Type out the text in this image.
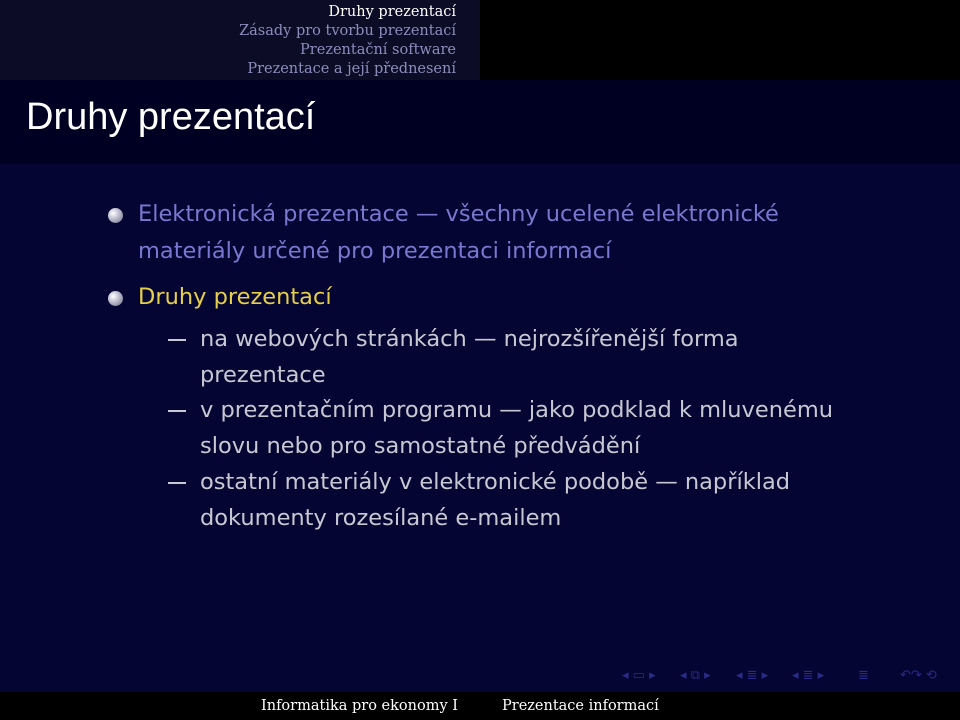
Druhy prezentací
Zásady pro tvorbu prezentací
Prezentační software
Prezentace a její přednesení
Druhy prezentací
Elektronická prezentace — všechny ucelené elektronické
materiály určené pro prezentaci informací
Druhy prezentací
na webových stránkách — nejrozšířenější forma
prezentace
v prezentačním programu — jako podklad k mluvenému
slovu nebo pro samostatné předvádění
ostatní materiály v elektronické podobě — například
dokumenty rozesílané e-mailem
◂ ▭ ▸ ◂ ⧉ ▸ ◂ ≣ ▸ ◂ ≣ ▸	≣ ↶↷ ⟲
Informatika pro ekonomy I	Prezentace informací
